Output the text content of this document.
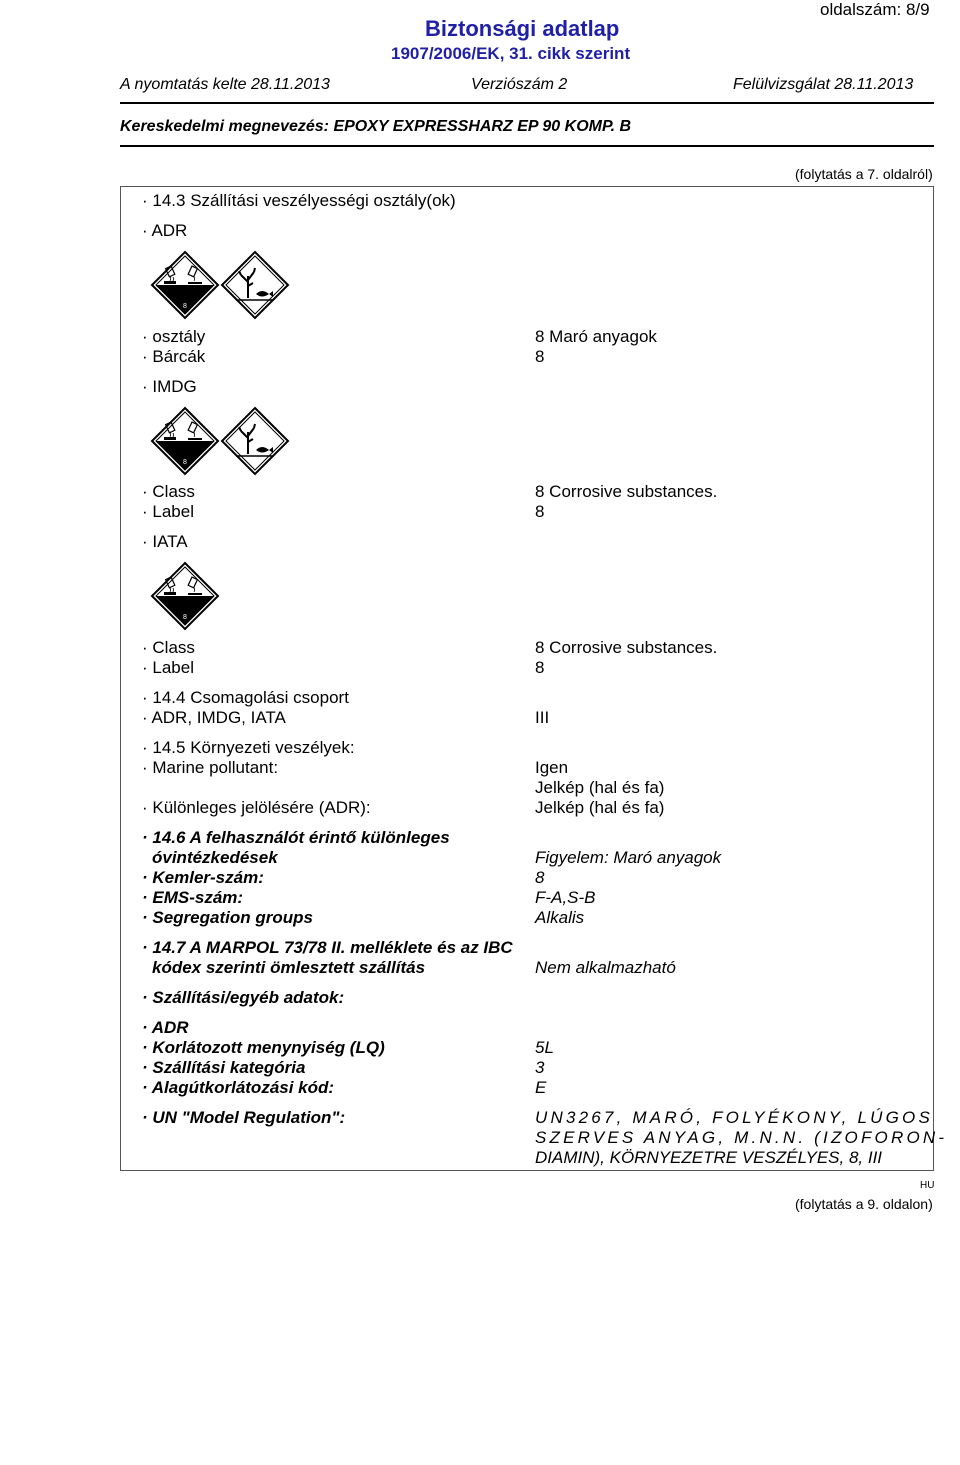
oldalszám: 8/9
Biztonsági adatlap
1907/2006/EK, 31. cikk szerint
A nyomtatás kelte 28.11.2013	Verziószám 2	Felülvizsgálat 28.11.2013
Kereskedelmi megnevezés: EPOXY EXPRESSHARZ EP 90 KOMP. B
(folytatás a 7. oldalról)
· 14.3 Szállítási veszélyességi osztály(ok)
· ADR
8
· osztály	8 Maró anyagok
· Bárcák	8
· IMDG
8
· Class	8 Corrosive substances.
· Label	8
· IATA
8
· Class	8 Corrosive substances.
· Label	8
· 14.4 Csomagolási csoport
· ADR, IMDG, IATA	III
· 14.5 Környezeti veszélyek:
· Marine pollutant:	Igen
Jelkép (hal és fa)
· Különleges jelölésére (ADR):	Jelkép (hal és fa)
· 14.6 A felhasználót érintő különleges
óvintézkedések	Figyelem: Maró anyagok
· Kemler-szám:	8
· EMS-szám:	F-A,S-B
· Segregation groups	Alkalis
· 14.7 A MARPOL 73/78 II. melléklete és az IBC
kódex szerinti ömlesztett szállítás	Nem alkalmazható
· Szállítási/egyéb adatok:
· ADR
· Korlátozott menynyiség (LQ)	5L
· Szállítási kategória	3
· Alagútkorlátozási kód:	E
· UN "Model Regulation":	UN3267, MARÓ, FOLYÉKONY, LÚGOS
SZERVES ANYAG, M.N.N. (IZOFORON-
DIAMIN), KÖRNYEZETRE VESZÉLYES, 8, III
HU
(folytatás a 9. oldalon)
